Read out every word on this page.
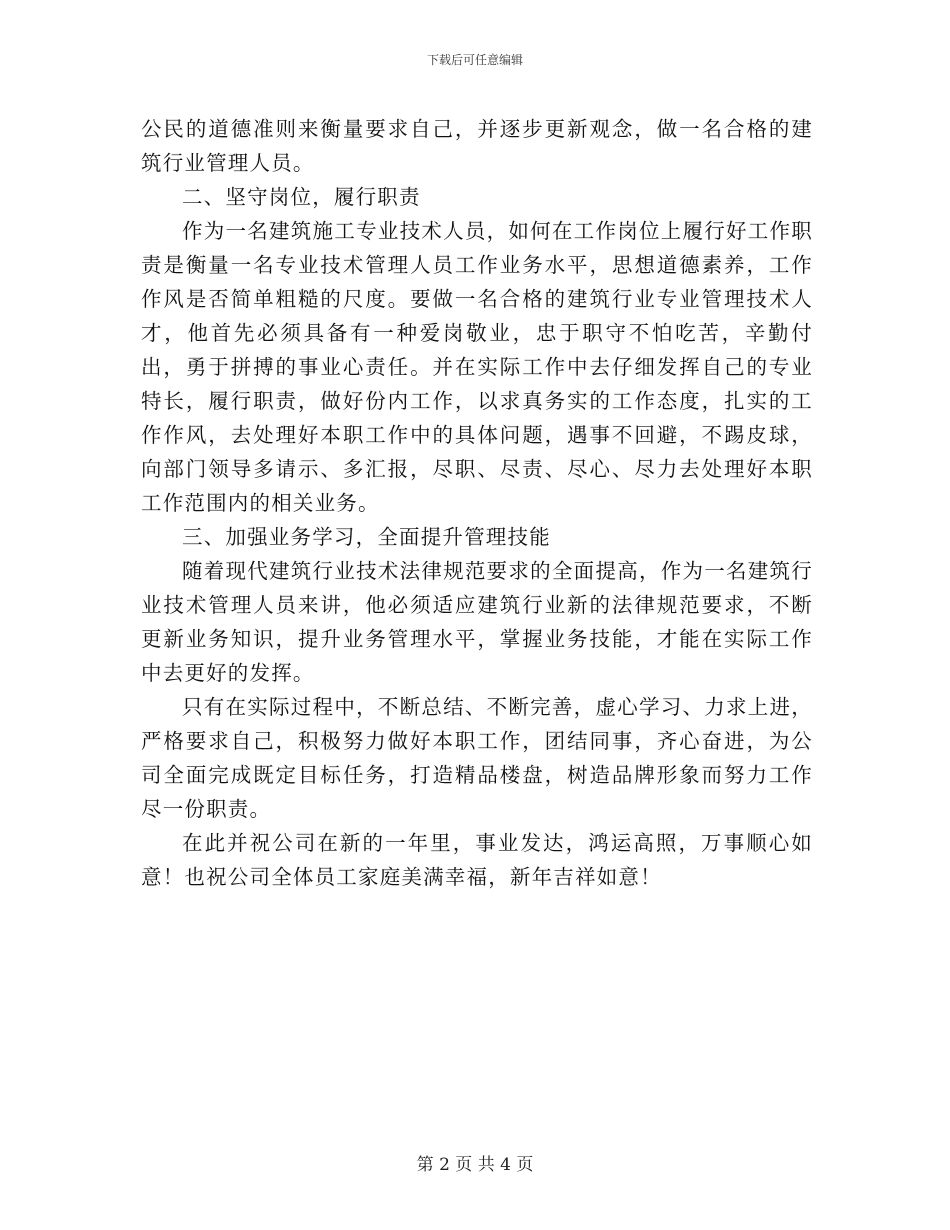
下载后可任意编辑

公民的道德准则来衡量要求自己，并逐步更新观念，做一名合格的建筑行业管理人员。

二、坚守岗位，履行职责

作为一名建筑施工专业技术人员，如何在工作岗位上履行好工作职责是衡量一名专业技术管理人员工作业务水平，思想道德素养，工作作风是否简单粗糙的尺度。要做一名合格的建筑行业专业管理技术人才，他首先必须具备有一种爱岗敬业，忠于职守不怕吃苦，辛勤付出，勇于拼搏的事业心责任。并在实际工作中去仔细发挥自己的专业特长，履行职责，做好份内工作，以求真务实的工作态度，扎实的工作作风，去处理好本职工作中的具体问题，遇事不回避，不踢皮球，向部门领导多请示、多汇报，尽职、尽责、尽心、尽力去处理好本职工作范围内的相关业务。

三、加强业务学习，全面提升管理技能

随着现代建筑行业技术法律规范要求的全面提高，作为一名建筑行业技术管理人员来讲，他必须适应建筑行业新的法律规范要求，不断更新业务知识，提升业务管理水平，掌握业务技能，才能在实际工作中去更好的发挥。

只有在实际过程中，不断总结、不断完善，虚心学习、力求上进，严格要求自己，积极努力做好本职工作，团结同事，齐心奋进，为公司全面完成既定目标任务，打造精品楼盘，树造品牌形象而努力工作尽一份职责。

在此并祝公司在新的一年里，事业发达，鸿运高照，万事顺心如意！也祝公司全体员工家庭美满幸福，新年吉祥如意！

第 2 页 共 4 页
